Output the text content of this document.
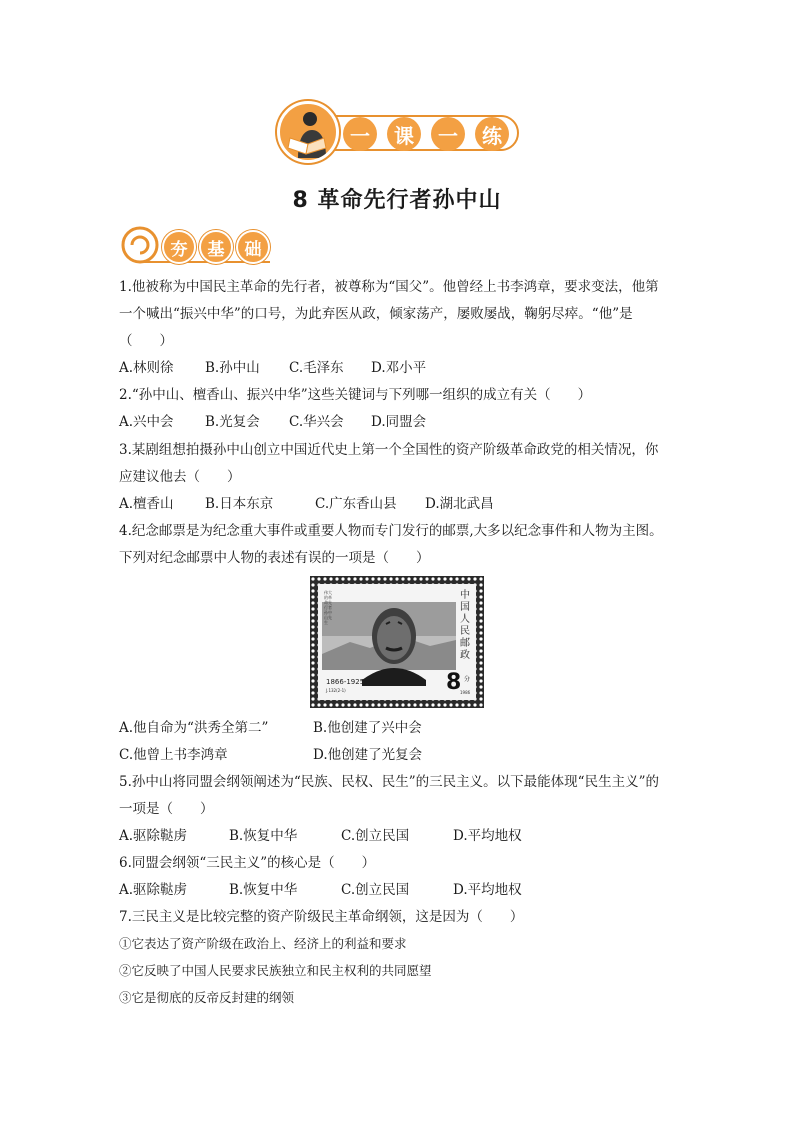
一	课	一	练
8 革命先行者孙中山
夯	基	础
1.他被称为中国民主革命的先行者，被尊称为“国父”。他曾经上书李鸿章，要求变法，他第
一个喊出“振兴中华”的口号，为此弃医从政，倾家荡产，屡败屡战，鞠躬尽瘁。“他”是
（　　）
A.林则徐 B.孙中山 C.毛泽东 D.邓小平
2.“孙中山、檀香山、振兴中华”这些关键词与下列哪一组织的成立有关（　　）
A.兴中会 B.光复会 C.华兴会 D.同盟会
3.某剧组想拍摄孙中山创立中国近代史上第一个全国性的资产阶级革命政党的相关情况，你
应建议他去（　　）
A.檀香山 B.日本东京	C.广东香山县 D.湖北武昌
4.纪念邮票是为纪念重大事件或重要人物而专门发行的邮票,大多以纪念事件和人物为主图。
下列对纪念邮票中人物的表述有误的一项是（　　）
中国人民邮政
伟大的革命先行者孙中山先生
1866-1925	8 分
J.132(2-1)	1986
A.他自命为“洪秀全第二”	B.他创建了兴中会
C.他曾上书李鸿章	D.他创建了光复会
5.孙中山将同盟会纲领阐述为“民族、民权、民生”的三民主义。以下最能体现“民生主义”的
一项是（　　）
A.驱除鞑虏	B.恢复中华	C.创立民国	D.平均地权
6.同盟会纲领“三民主义”的核心是（　　）
A.驱除鞑虏	B.恢复中华	C.创立民国	D.平均地权
7.三民主义是比较完整的资产阶级民主革命纲领，这是因为（　　）
①它表达了资产阶级在政治上、经济上的利益和要求
②它反映了中国人民要求民族独立和民主权利的共同愿望
③它是彻底的反帝反封建的纲领
